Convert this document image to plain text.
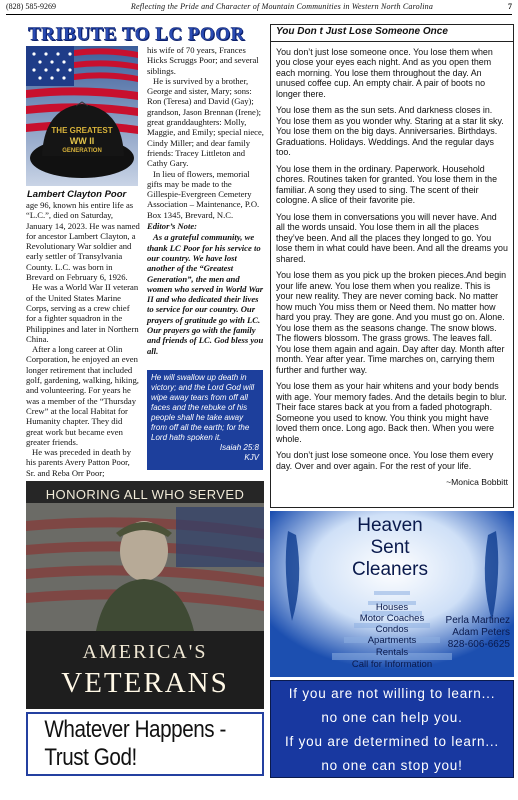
(828) 585-9269	Reflecting the Pride and Character of Mountain Communities in Western North Carolina	7
TRIBUTE TO LC POOR
THE GREATEST
WW II
GENERATION
Lambert Clayton Poor

age 96, known his entire life as “L.C.”, died on Saturday, January 14, 2023. He was named for ancestor Lambert Clayton, a Revolutionary War soldier and early settler of Transylvania County. L.C. was born in Brevard on February 6, 1926.

He was a World War II veteran of the United States Marine Corps, serving as a crew chief for a fighter squadron in the Philippines and later in Northern China.

After a long career at Olin Corporation, he enjoyed an even longer retirement that included golf, gardening, walking, hiking, and volunteering. For years he was a member of the “Thursday Crew” at the local Habitat for Humanity chapter. They did great work but became even greater friends.

He was preceded in death by his parents Avery Patton Poor, Sr. and Reba Orr Poor;

his wife of 70 years, Frances Hicks Scruggs Poor; and several siblings.

He is survived by a brother, George and sister, Mary; sons: Ron (Teresa) and David (Gay); grandson, Jason Brennan (Irene); great granddaughters: Molly, Maggie, and Emily; special niece, Cindy Miller; and dear family friends: Tracey Littleton and Cathy Gary.

In lieu of flowers, memorial gifts may be made to the Gillespie-Evergreen Cemetery Association – Maintenance, P.O. Box 1345, Brevard, N.C.

Editor’s Note:

As a grateful community, we thank LC Poor for his service to our country. We have lost another of the “Greatest Generation”, the men and women who served in World War II and who dedicated their lives to service for our country. Our prayers of gratitude go with LC. Our prayers go with the family and friends of LC. God bless you all.

He will swallow up death in victory; and the Lord God will wipe away tears from off all faces and the rebuke of his people shall he take away from off all the earth; for the Lord hath spoken it.
Isaiah 25:8
KJV
You Don t Just Lose Someone Once

You don’t just lose someone once. You lose them when you close your eyes each night. And as you open them each morning. You lose them throughout the day. An unused coffee cup. An empty chair. A pair of boots no longer there.

You lose them as the sun sets. And darkness closes in. You lose them as you wonder why. Staring at a star lit sky. You lose them on the big days. Anniversaries. Birthdays. Graduations. Holidays. Weddings. And the regular days too.

You lose them in the ordinary. Paperwork. Household chores. Routines taken for granted. You lose them in the familiar. A song they used to sing. The scent of their cologne. A slice of their favorite pie.

You lose them in conversations you will never have. And all the words unsaid. You lose them in all the places they’ve been. And all the places they longed to go. You lose them in what could have been. And all the dreams you shared.

You lose them as you pick up the broken pieces.And begin your life anew. You lose them when you realize. This is your new reality. They are never coming back. No matter how much You miss them or Need them. No matter how hard you pray. They are gone. And you must go on. Alone. You lose them as the seasons change. The snow blows. The flowers blossom. The grass grows. The leaves fall. You lose them again and again. Day after day. Month after month. Year after year. Time marches on, carrying them further and further way.

You lose them as your hair whitens and your body bends with age. Your memory fades. And the details begin to blur. Their face stares back at you from a faded photograph. Someone you used to know. You think you might have loved them once. Long ago. Back then. When you were whole.

You don’t just lose someone once. You lose them every day. Over and over again. For the rest of your life.

~Monica Bobbitt
HONORING ALL WHO SERVED
AMERICA'S
VETERANS
Whatever Happens - Trust God!
Heaven
Sent
Cleaners
Houses
Motor Coaches
Condos
Apartments
Rentals
Call for Information
Perla Martinez
Adam Peters
828-606-6625
If you are not willing to learn...
no one can help you.
If you are determined to learn...
no one can stop you!
